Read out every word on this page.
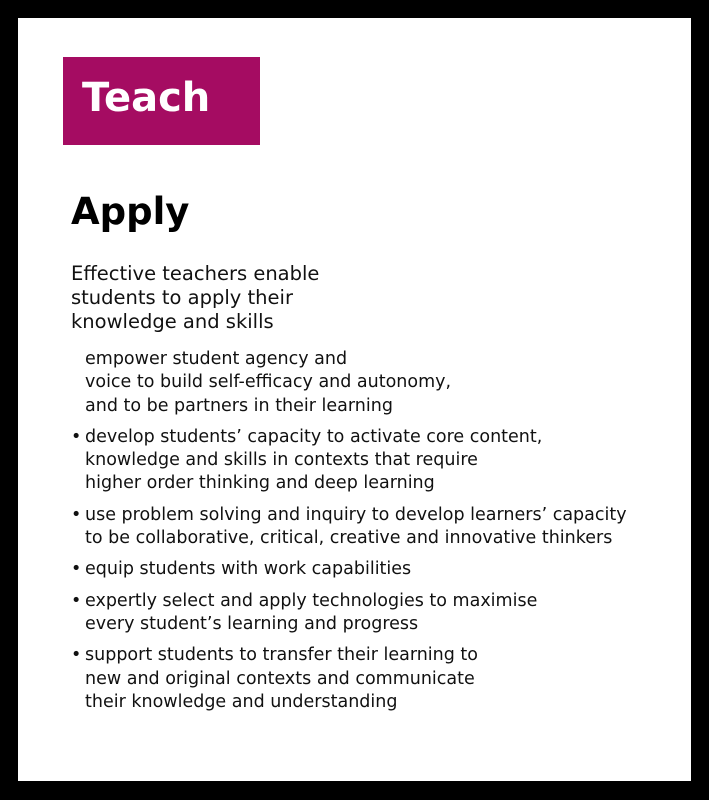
Teach
Apply

Effective teachers enable
students to apply their
knowledge and skills

empower student agency and
voice to build self-efficacy and autonomy,
and to be partners in their learning
• develop students’ capacity to activate core content,
knowledge and skills in contexts that require
higher order thinking and deep learning
• use problem solving and inquiry to develop learners’ capacity
to be collaborative, critical, creative and innovative thinkers
• equip students with work capabilities
• expertly select and apply technologies to maximise
every student’s learning and progress
• support students to transfer their learning to
new and original contexts and communicate
their knowledge and understanding
